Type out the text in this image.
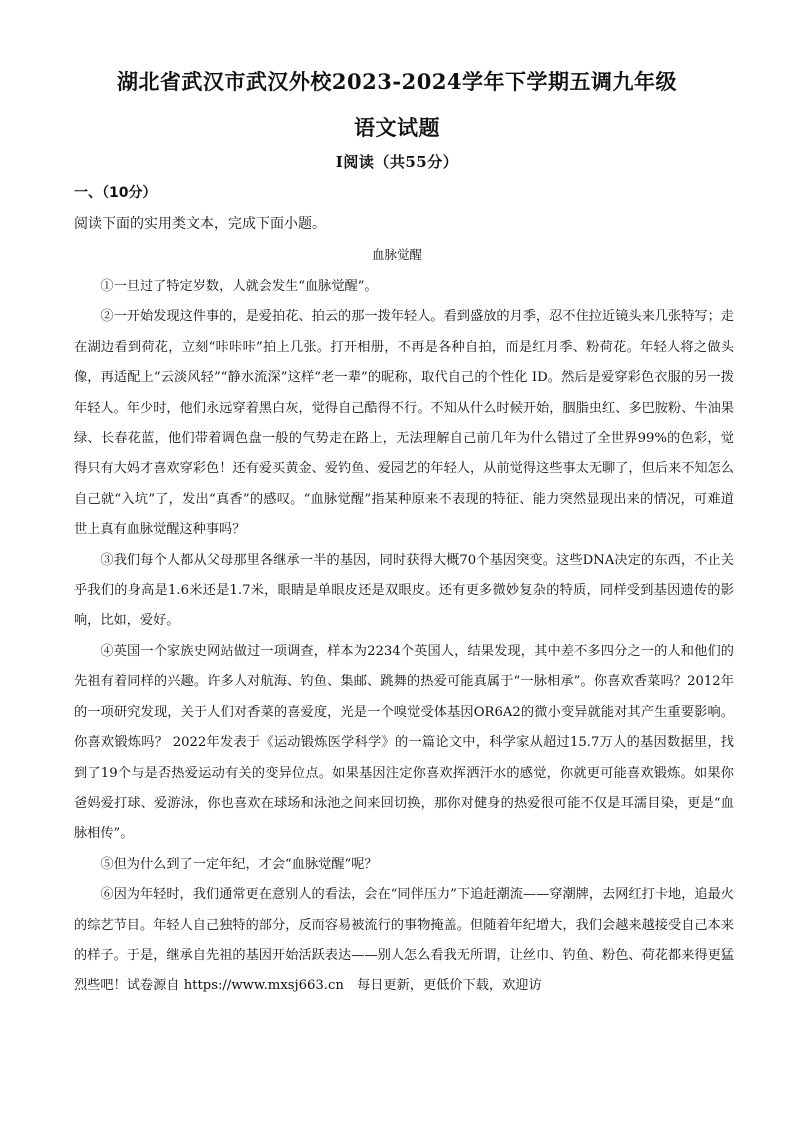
湖北省武汉市武汉外校2023-2024学年下学期五调九年级
语文试题
I阅读（共55分）
一、（10分）
阅读下面的实用类文本，完成下面小题。
血脉觉醒

①一旦过了特定岁数，人就会发生“血脉觉醒”。

②一开始发现这件事的，是爱拍花、拍云的那一拨年轻人。看到盛放的月季，忍不住拉近镜头来几张特写；走在湖边看到荷花，立刻“咔咔咔”拍上几张。打开相册，不再是各种自拍，而是红月季、粉荷花。年轻人将之做头像，再适配上“云淡风轻”“静水流深”这样“老一辈”的昵称，取代自己的个性化 ID。然后是爱穿彩色衣服的另一拨年轻人。年少时，他们永远穿着黑白灰，觉得自己酷得不行。不知从什么时候开始，胭脂虫红、多巴胺粉、牛油果绿、长春花蓝，他们带着调色盘一般的气势走在路上，无法理解自己前几年为什么错过了全世界99%的色彩，觉得只有大妈才喜欢穿彩色！还有爱买黄金、爱钓鱼、爱园艺的年轻人，从前觉得这些事太无聊了，但后来不知怎么自己就“入坑”了，发出“真香”的感叹。“血脉觉醒”指某种原来不表现的特征、能力突然显现出来的情况，可难道世上真有血脉觉醒这种事吗？

③我们每个人都从父母那里各继承一半的基因，同时获得大概70个基因突变。这些DNA决定的东西，不止关乎我们的身高是1.6米还是1.7米，眼睛是单眼皮还是双眼皮。还有更多微妙复杂的特质，同样受到基因遗传的影响，比如，爱好。

④英国一个家族史网站做过一项调查，样本为2234个英国人，结果发现，其中差不多四分之一的人和他们的先祖有着同样的兴趣。许多人对航海、钓鱼、集邮、跳舞的热爱可能真属于“一脉相承”。你喜欢香菜吗？2012年的一项研究发现，关于人们对香菜的喜爱度，光是一个嗅觉受体基因OR6A2的微小变异就能对其产生重要影响。你喜欢锻炼吗？ 2022年发表于《运动锻炼医学科学》的一篇论文中，科学家从超过15.7万人的基因数据里，找到了19个与是否热爱运动有关的变异位点。如果基因注定你喜欢挥洒汗水的感觉，你就更可能喜欢锻炼。如果你爸妈爱打球、爱游泳，你也喜欢在球场和泳池之间来回切换，那你对健身的热爱很可能不仅是耳濡目染，更是“血脉相传”。

⑤但为什么到了一定年纪，才会“血脉觉醒”呢？

⑥因为年轻时，我们通常更在意别人的看法，会在“同伴压力”下追赶潮流——穿潮牌，去网红打卡地，追最火的综艺节目。年轻人自己独特的部分，反而容易被流行的事物掩盖。但随着年纪增大，我们会越来越接受自己本来的样子。于是，继承自先祖的基因开始活跃表达——别人怎么看我无所谓，让丝巾、钓鱼、粉色、荷花都来得更猛烈些吧！试卷源自 https://www.mxsj663.cn　每日更新，更低价下载，欢迎访
